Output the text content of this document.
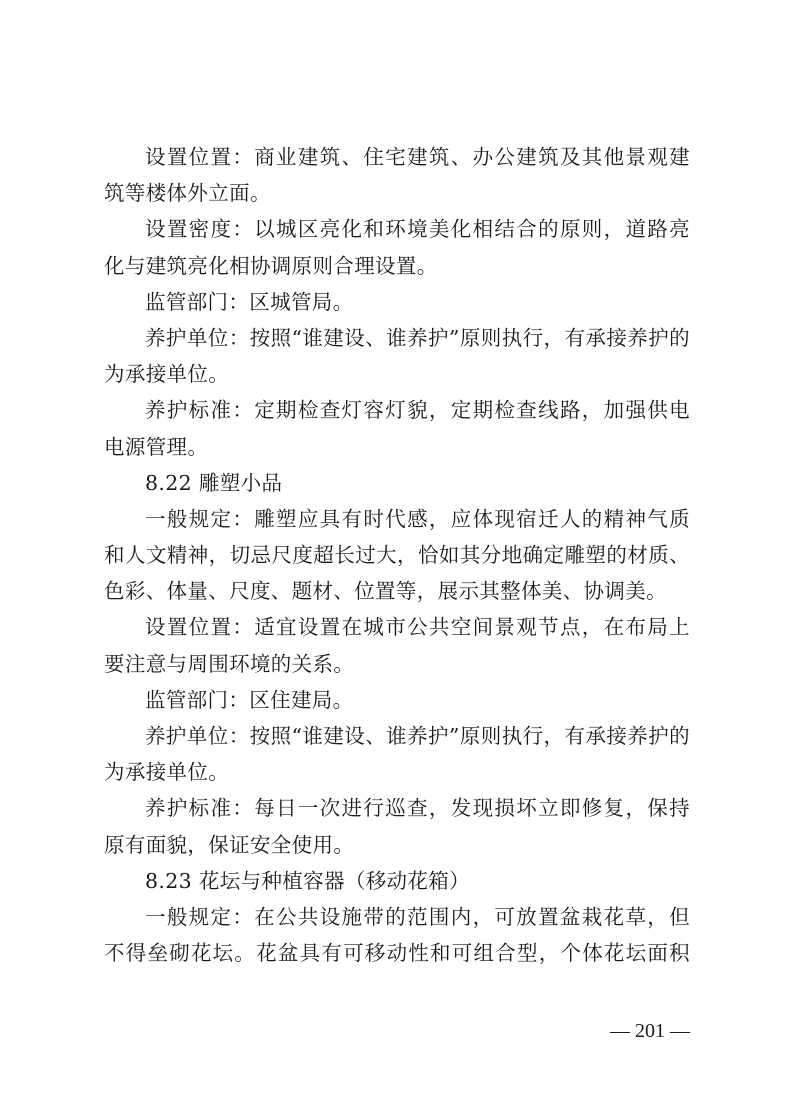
设置位置：商业建筑、住宅建筑、办公建筑及其他景观建
筑等楼体外立面。
设置密度：以城区亮化和环境美化相结合的原则，道路亮
化与建筑亮化相协调原则合理设置。
监管部门：区城管局。
养护单位：按照“谁建设、谁养护”原则执行，有承接养护的
为承接单位。
养护标准：定期检查灯容灯貌，定期检查线路，加强供电
电源管理。
8.22 雕塑小品
一般规定：雕塑应具有时代感，应体现宿迁人的精神气质
和人文精神，切忌尺度超长过大，恰如其分地确定雕塑的材质、
色彩、体量、尺度、题材、位置等，展示其整体美、协调美。
设置位置：适宜设置在城市公共空间景观节点，在布局上
要注意与周围环境的关系。
监管部门：区住建局。
养护单位：按照“谁建设、谁养护”原则执行，有承接养护的
为承接单位。
养护标准：每日一次进行巡查，发现损坏立即修复，保持
原有面貌，保证安全使用。
8.23 花坛与种植容器（移动花箱）
一般规定：在公共设施带的范围内，可放置盆栽花草，但
不得垒砌花坛。花盆具有可移动性和可组合型，个体花坛面积
— 201 —
